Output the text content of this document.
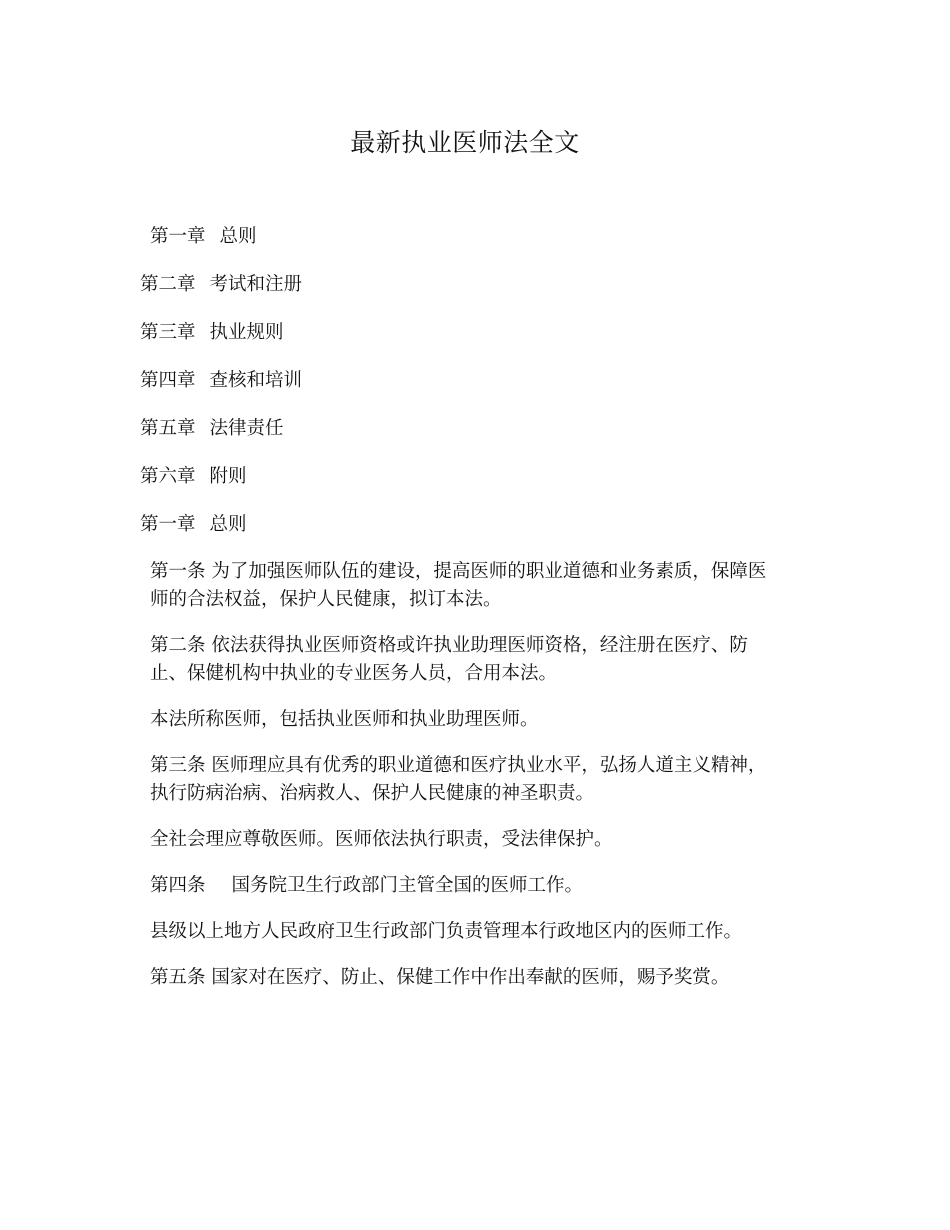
最新执业医师法全文
第一章 总则
第二章 考试和注册
第三章 执业规则
第四章 查核和培训
第五章 法律责任
第六章 附则
第一章 总则

第一条 为了加强医师队伍的建设，提高医师的职业道德和业务素质，保障医师的合法权益，保护人民健康，拟订本法。

第二条 依法获得执业医师资格或许执业助理医师资格，经注册在医疗、防止、保健机构中执业的专业医务人员，合用本法。

本法所称医师，包括执业医师和执业助理医师。

第三条 医师理应具有优秀的职业道德和医疗执业水平，弘扬人道主义精神，执行防病治病、治病救人、保护人民健康的神圣职责。

全社会理应尊敬医师。医师依法执行职责，受法律保护。

第四条 国务院卫生行政部门主管全国的医师工作。

县级以上地方人民政府卫生行政部门负责管理本行政地区内的医师工作。

第五条 国家对在医疗、防止、保健工作中作出奉献的医师，赐予奖赏。
